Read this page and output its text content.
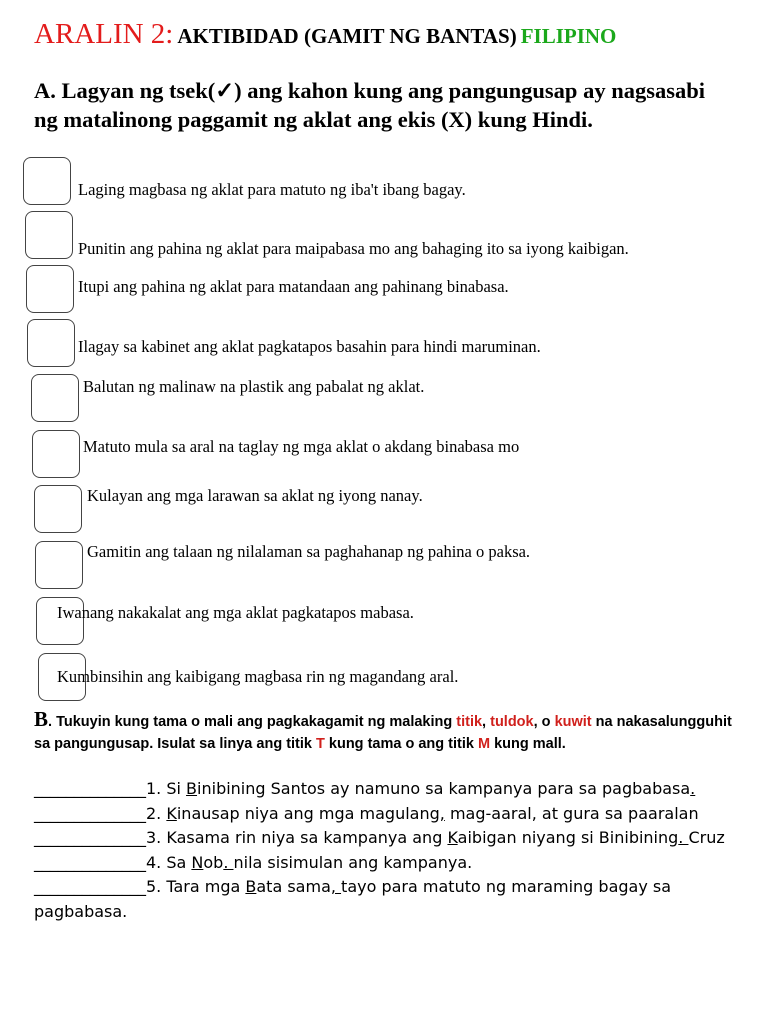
ARALIN 2: AKTIBIDAD (GAMIT NG BANTAS) FILIPINO
A. Lagyan ng tsek(✓) ang kahon kung ang pangungusap ay nagsasabi ng matalinong paggamit ng aklat ang ekis (X) kung Hindi.
Laging magbasa ng aklat para matuto ng iba't ibang bagay.
Punitin ang pahina ng aklat para maipabasa mo ang bahaging ito sa iyong kaibigan.
Itupi ang pahina ng aklat para matandaan ang pahinang binabasa.
Ilagay sa kabinet ang aklat pagkatapos basahin para hindi maruminan.
Balutan ng malinaw na plastik ang pabalat ng aklat.
Matuto mula sa aral na taglay ng mga aklat o akdang binabasa mo
Kulayan ang mga larawan sa aklat ng iyong nanay.
Gamitin ang talaan ng nilalaman sa paghahanap ng pahina o paksa.
Iwanang nakakalat ang mga aklat pagkatapos mabasa.
Kumbinsihin ang kaibigang magbasa rin ng magandang aral.
B. Tukuyin kung tama o mali ang pagkakagamit ng malaking titik, tuldok, o kuwit na nakasalungguhit sa pangungusap. Isulat sa linya ang titik T kung tama o ang titik M kung mall.
______________1. Si Binibining Santos ay namuno sa kampanya para sa pagbabasa.
______________2. Kinausap niya ang mga magulang, mag-aaral, at gura sa paaralan
______________3. Kasama rin niya sa kampanya ang Kaibigan niyang si Binibining. Cruz
______________4. Sa Nob. nila sisimulan ang kampanya.
______________5. Tara mga Bata sama, tayo para matuto ng maraming bagay sa pagbabasa.
